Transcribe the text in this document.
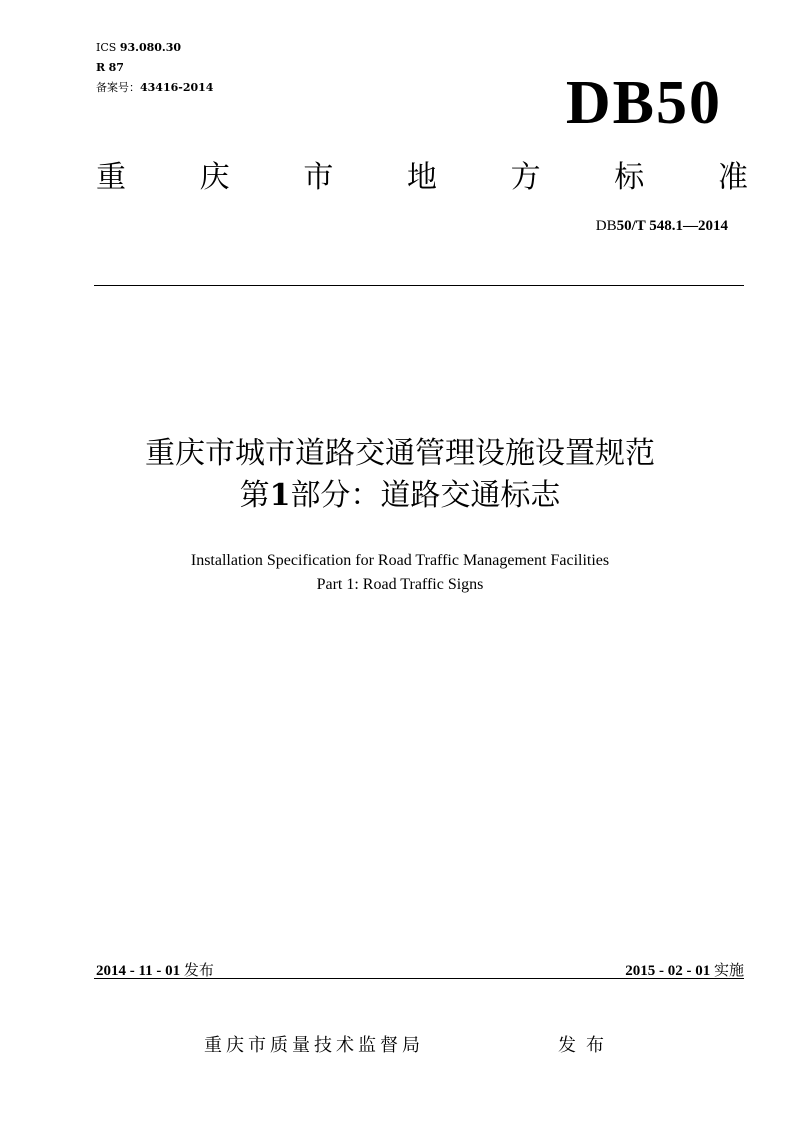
ICS 93.080.30
R 87
备案号：43416-2014	DB50
重 庆 市 地 方 标 准
DB50/T 548.1—2014
重庆市城市道路交通管理设施设置规范
第1部分：道路交通标志
Installation Specification for Road Traffic Management Facilities
Part 1: Road Traffic Signs
2014 - 11 - 01 发布	2015 - 02 - 01 实施
重庆市质量技术监督局	发布
